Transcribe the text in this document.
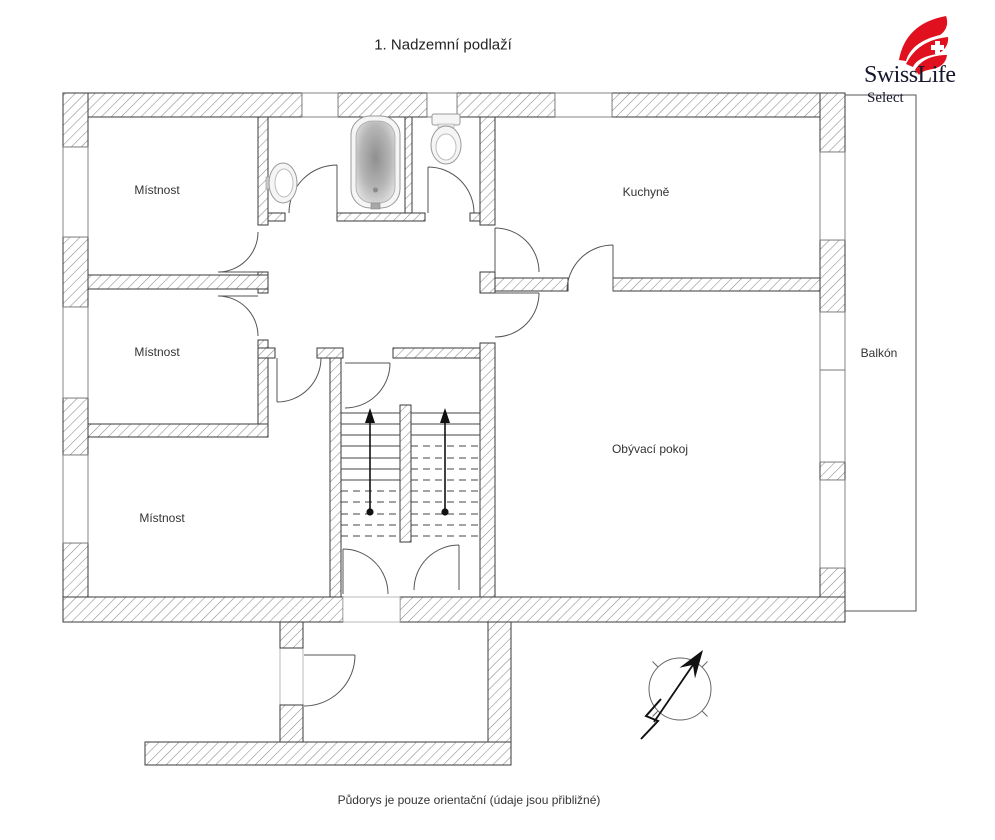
1. Nadzemní podlaží
Místnost
Místnost
Místnost
Kuchyně
Obývací pokoj
Balkón
Půdorys je pouze orientační (údaje jsou přibližné)
SwissLife
Select
